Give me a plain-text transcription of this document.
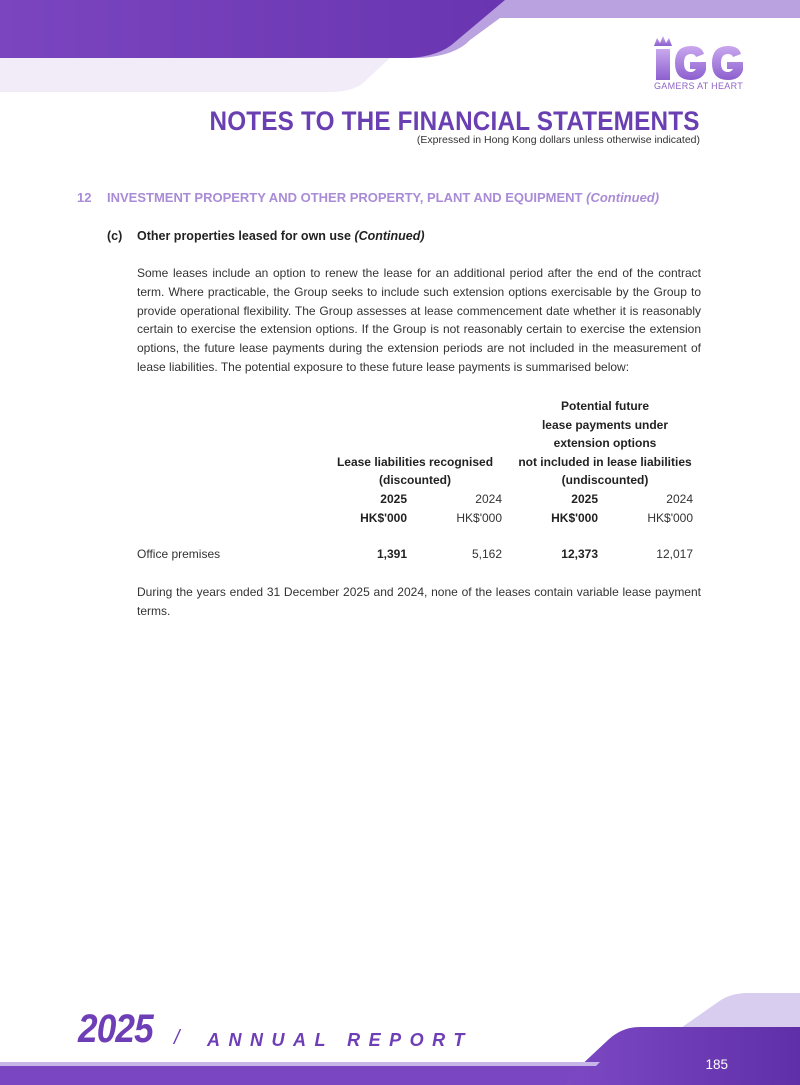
GAMERS AT HEART
NOTES TO THE FINANCIAL STATEMENTS
(Expressed in Hong Kong dollars unless otherwise indicated)
12 INVESTMENT PROPERTY AND OTHER PROPERTY, PLANT AND EQUIPMENT (Continued)
(c) Other properties leased for own use (Continued)
Some leases include an option to renew the lease for an additional period after the end of the contract term. Where practicable, the Group seeks to include such extension options exercisable by the Group to provide operational flexibility. The Group assesses at lease commencement date whether it is reasonably certain to exercise the extension options. If the Group is not reasonably certain to exercise the extension options, the future lease payments during the extension periods are not included in the measurement of lease liabilities. The potential exposure to these future lease payments is summarised below:
Potential future
lease payments under
extension options
not included in lease liabilities
(undiscounted)
Lease liabilities recognised
(discounted)
2025	2024	2025	2024
HK$'000	HK$'000	HK$'000	HK$'000
Office premises	1,391	5,162	12,373	12,017
During the years ended 31 December 2025 and 2024, none of the leases contain variable lease payment terms.
2025 / ANNUAL REPORT
185
